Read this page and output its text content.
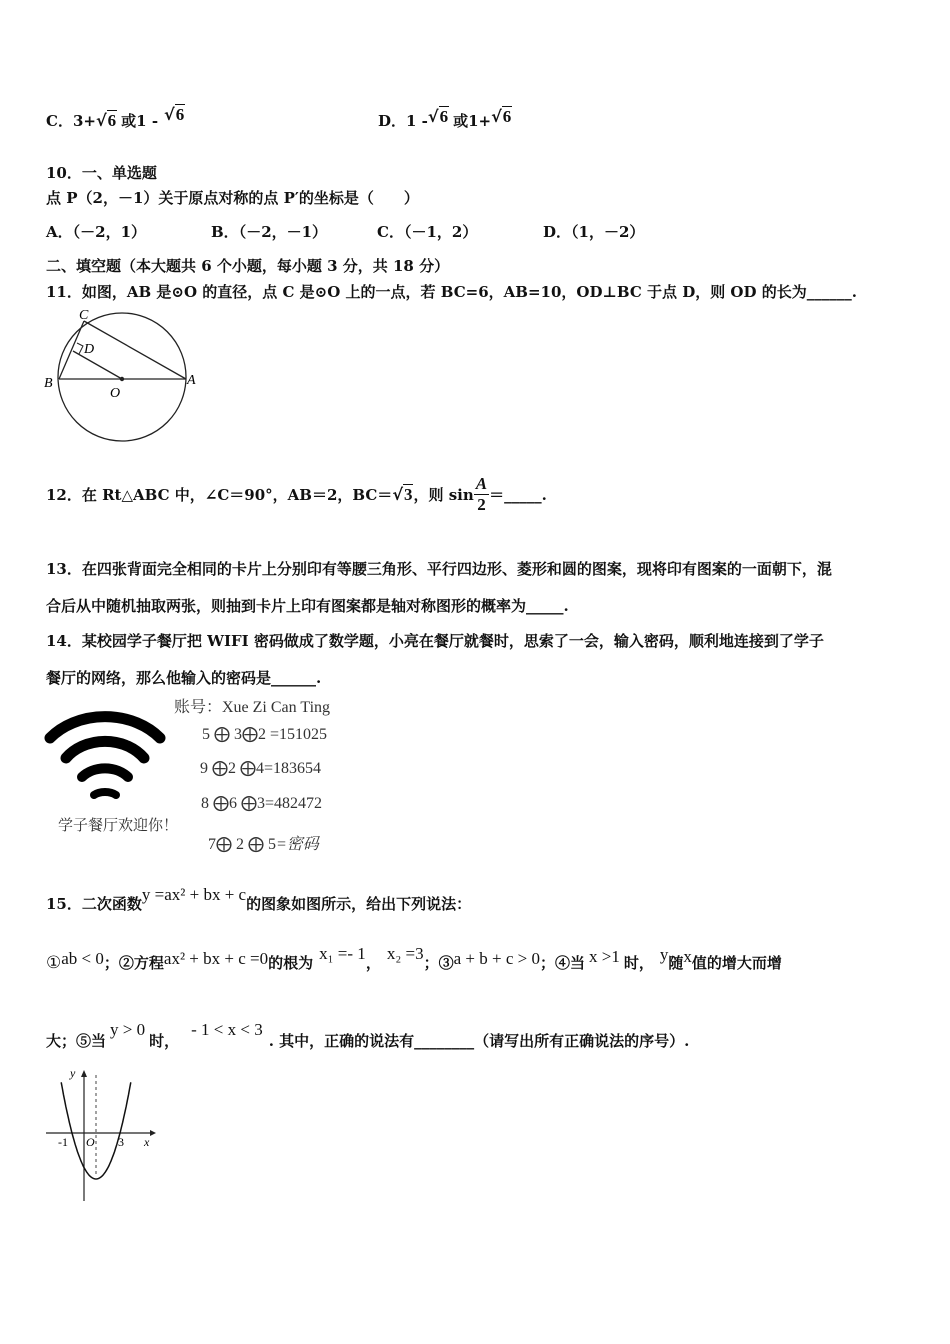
C．3+√6 或1 - √6	D．1 -√6 或1+√6
10．一、单选题
点 P（2，－1）关于原点对称的点 P′的坐标是（　　）
A．（－2，1）	B．（－2，－1）	C．（－1，2）	D．（1，－2）
二、填空题（本大题共 6 个小题，每小题 3 分，共 18 分）
11．如图，AB 是⊙O 的直径，点 C 是⊙O 上的一点，若 BC=6，AB=10，OD⊥BC 于点 D，则 OD 的长为______.
C
D
B
O
A
12．在 Rt△ABC 中，∠C＝90°，AB＝2，BC＝√3，则 $\sin \frac{A}{2}$ ＝_____.
13．在四张背面完全相同的卡片上分别印有等腰三角形、平行四边形、菱形和圆的图案，现将印有图案的一面朝下，混
合后从中随机抽取两张，则抽到卡片上印有图案都是轴对称图形的概率为_____.
14．某校园学子餐厅把 WIFI 密码做成了数学题，小亮在餐厅就餐时，思索了一会，输入密码，顺利地连接到了学子
餐厅的网络，那么他输入的密码是______.
学子餐厅欢迎你！
账号：Xue Zi Can Ting
5 ⨁ 3⨁2 =151025
9 ⨁2 ⨁4=183654
8 ⨁6 ⨁3=482472
7⨁ 2 ⨁ 5=密码
15．二次函数y =ax² + bx + c的图象如图所示，给出下列说法：
①ab < 0；②方程ax² + bx + c =0的根为 x₁ =- 1， x₂ =3；③a + b + c > 0；④当 x >1 时， y随x值的增大而增
大；⑤当y > 0时，- 1 < x < 3. 其中，正确的说法有________（请写出所有正确说法的序号）.
y
x
-1 O 3
